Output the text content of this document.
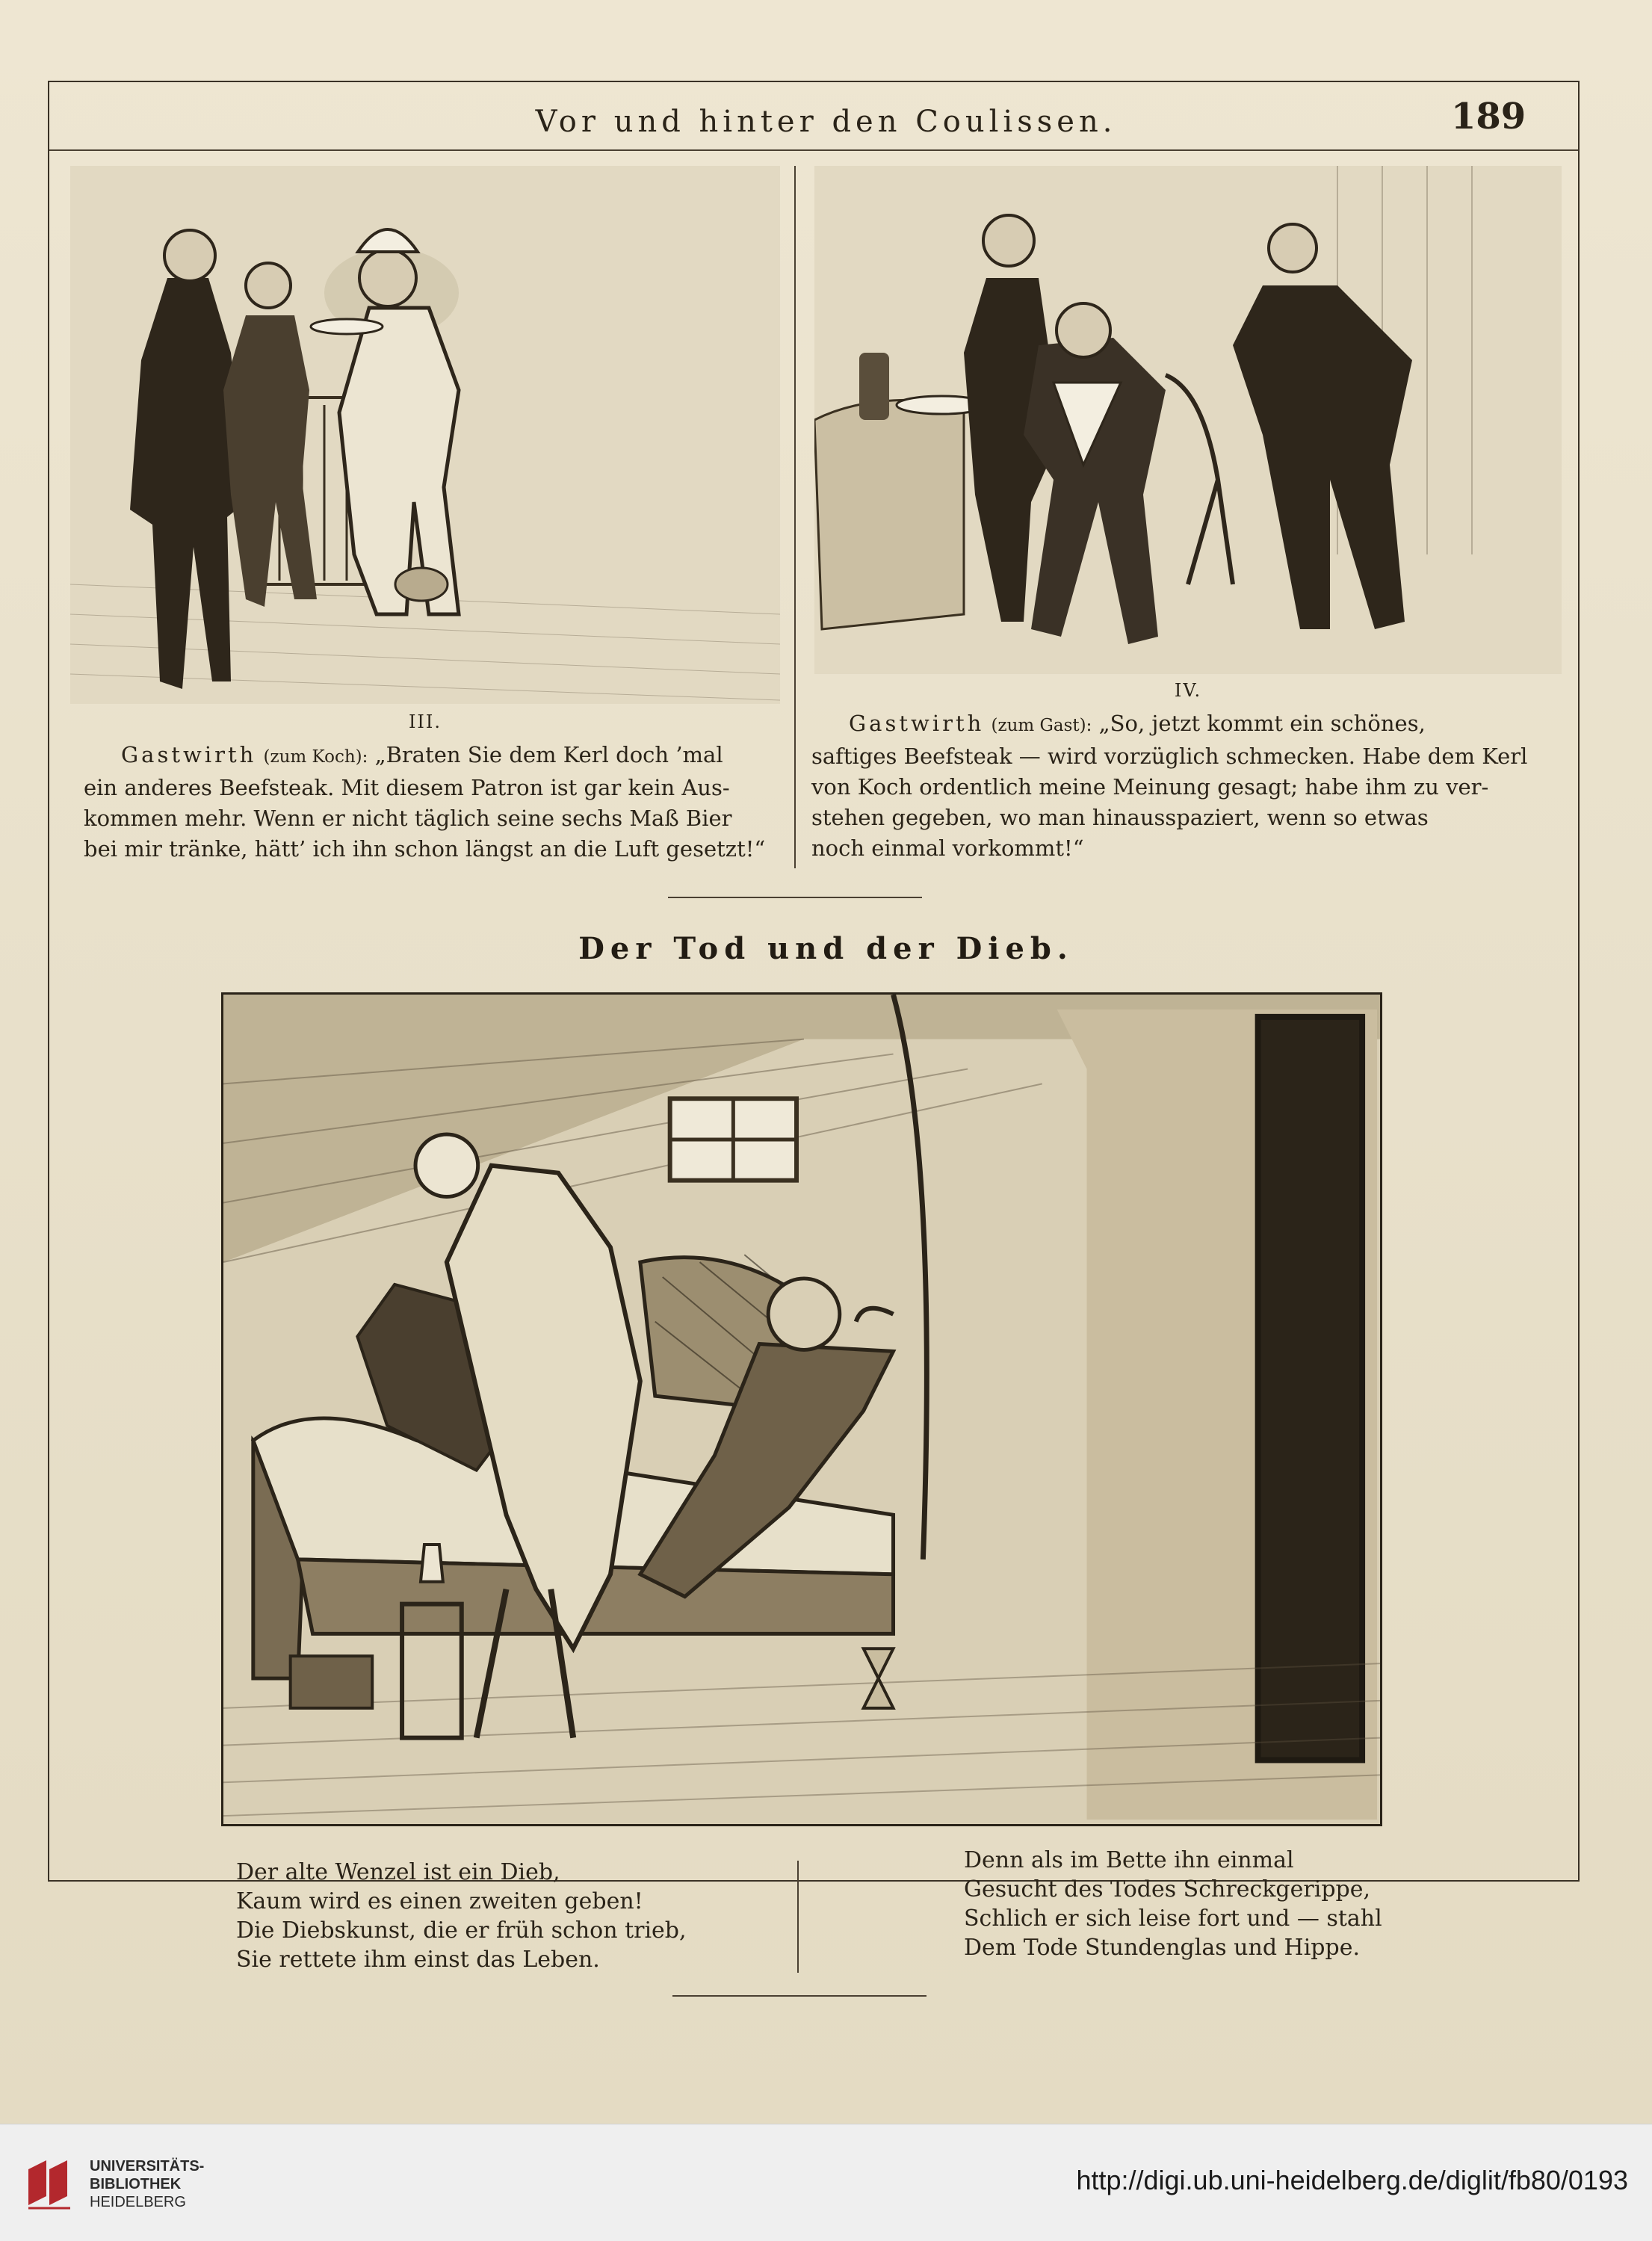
Vor und hinter den Coulissen.	189
III.
IV.
Gastwirth (zum Koch): „Braten Sie dem Kerl doch ’mal
ein anderes Beefsteak. Mit diesem Patron ist gar kein Aus-
kommen mehr. Wenn er nicht täglich seine sechs Maß Bier
bei mir tränke, hätt’ ich ihn schon längst an die Luft gesetzt!“
Gastwirth (zum Gast): „So, jetzt kommt ein schönes,
saftiges Beefsteak — wird vorzüglich schmecken. Habe dem Kerl
von Koch ordentlich meine Meinung gesagt; habe ihm zu ver-
stehen gegeben, wo man hinausspaziert, wenn so etwas
noch einmal vorkommt!“
Der Tod und der Dieb.
Der alte Wenzel ist ein Dieb,
Kaum wird es einen zweiten geben!
Die Diebskunst, die er früh schon trieb,
Sie rettete ihm einst das Leben.
Denn als im Bette ihn einmal
Gesucht des Todes Schreckgerippe,
Schlich er sich leise fort und — stahl
Dem Tode Stundenglas und Hippe.
UNIVERSITÄTS-
BIBLIOTHEK
HEIDELBERG
http://digi.ub.uni-heidelberg.de/diglit/fb80/0193
